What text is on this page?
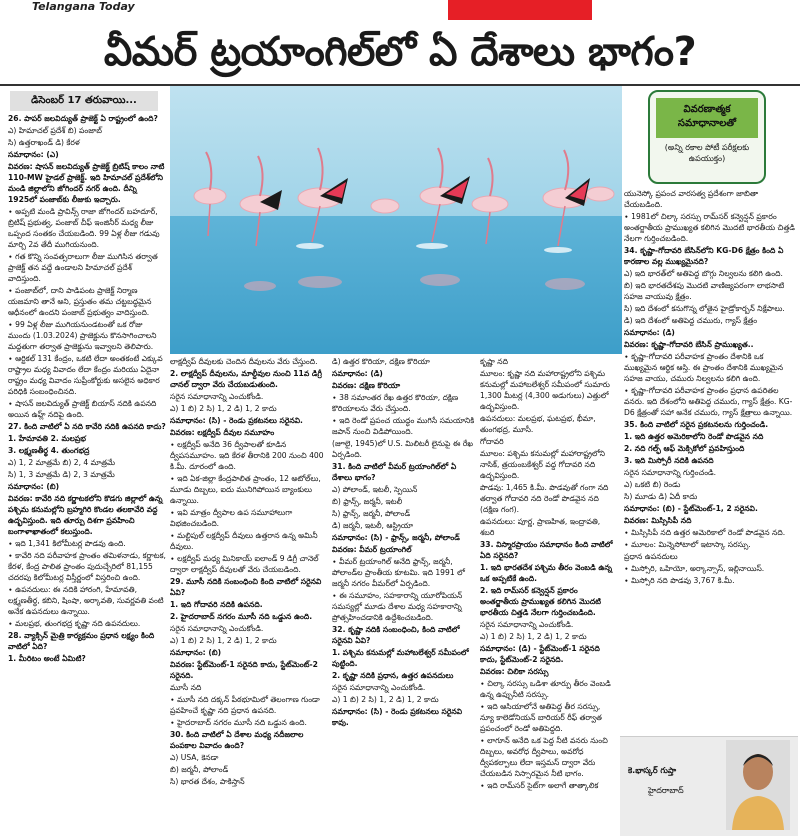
Telangana Today
వీమర్ ట్రయాంగిల్‌లో ఏ దేశాలు భాగం?
డిసెంబర్ 17 తరువాయి...
వివరణాత్మక సమాధానాలతో
(అన్ని రకాల పోటీ పరీక్షలకు ఉపయుక్తం)

26. పాపర్ జలవిద్యుత్ ప్రాజెక్ట్ ఏ రాష్ట్రంలో ఉంది?

ఎ) హిమాచల్ ప్రదేశ్ బి) పంజాబ్

సి) ఉత్తరాఖండ్ డి) కేరళ

సమాధానం: (ఎ)

వివరణ: షాసన్ జలవిద్యుత్ ప్రాజెక్ట్ బ్రిటిష్ కాలం నాటి 110-MW హైడల్ ప్రాజెక్ట్. ఇది హిమాచల్ ప్రదేశ్‌లోని మండి జిల్లాలోని జోగిందర్ నగర్ ఉంది. దీన్ని 1925లో పంజాబ్‌కు లీజుకు ఇచ్చారు.

∙ అప్పటి మండి ప్రావిన్స్ రాజా జోగిందర్ బహదూర్, బ్రిటిష్ ప్రభుత్వ, పంజాబ్ చీఫ్ ఇంజినీర్ మధ్య లీజు ఒప్పంద సంతకం చేయబడింది. 99 ఏళ్ల లీజు గడువు మార్చి 2వ తేదీ ముగియనుంది.

∙ గత కొన్ని సంవత్సరాలుగా లీజు ముగిసిన తర్వాత ప్రాజెక్ట్ తన వద్దే ఉండాలని హిమాచల్ ప్రదేశ్ వాదిస్తుంది.

∙ పంజాబ్‌లో, దాని పాడిపంట ప్రాజెక్ట్ నిర్మాణ యజమాని తానే అని, ప్రస్తుతం తమ చట్టబద్ధమైన ఆధీనంలో ఉందని పంజాబ్ ప్రభుత్వం వాదిస్తుంది.

∙ 99 ఏళ్ల లీజు ముగియనుండటంతో ఒక రోజు ముందు (1.03.2024) ప్రాజెక్టును కొనసాగించాలని మద్దతుగా తర్వాత ప్రాజెక్టును ఇవ్వాలని తెలిపారు.

∙ ఆర్టికల్ 131 కేంద్రం, ఒకటి లేదా అంతకంటే ఎక్కువ రాష్ట్రాల మధ్య వివాదం లేదా కేంద్రం మరియు ఏదైనా రాష్ట్రం మధ్య వివాదం సుప్రీంకోర్టుకు అసలైన అధికార పరిధికి సంబంధించినది.

∙ షాసన్ జలవిద్యుత్ ప్రాజెక్ట్ బియాస్ నదికి ఉపనది అయిన ఉహ్ల్ నదిపై ఉంది.

27. కింది వాటిలో ఏ నది కావేరి నదికి ఉపనది కాదు?

1. హేమావతి 2. మలప్రభ

3. లక్ష్మణతీర్థ 4. తుంగభద్ర

ఎ) 1, 2 మాత్రమే బి) 2, 4 మాత్రమే

సి) 1, 3 మాత్రమే డి) 2, 3 మాత్రమే

సమాధానం: (బి)

వివరణ: కావేరి నది కర్ణాటకలోని కొడగు జిల్లాలో ఉన్న పశ్చిమ కనుమల్లోని బ్రహ్మగిరి కొండల తలకావేరి వద్ద ఉద్భవిస్తుంది. ఇది తూర్పు దిశగా ప్రవహించి బంగాళాఖాతంలో కలుస్తుంది.

∙ ఇది 1,341 కిలోమీటర్ల పొడవు ఉంది.

∙ కావేరి నది పరీవాహక ప్రాంతం తమిళనాడు, కర్ణాటక, కేరళ, కేంద్ర పాలిత ప్రాంతం పుదుచ్చేరిలో 81,155 చదరపు కిలోమీటర్ల విస్తీర్ణంలో విస్తరించి ఉంది.

∙ ఉపనదులు: ఈ నదికి హారంగి, హేమావతి, లక్ష్మణతీర్థ, కబిని, షింషా, అర్కావతి, సువర్ణవతి వంటి అనేక ఉపనదులు ఉన్నాయి.

∙ మలప్రభ, తుంగభద్ర కృష్ణా నది ఉపనదులు.

28. వ్యాక్సిన్ మైత్రి కార్యక్రమం ప్రధాన లక్ష్యం కింది వాటిలో ఏది?

1. మీరిటం అంటే ఏమిటి?

లాక్షద్వీప్ దీవులకు చెందిన దీవులను వేరు చేస్తుంది.

2. లాక్షద్వీప్ దీవులను, మాల్దీవుల నుంచి 11వ డిగ్రీ చానల్ ద్వారా వేరు చేయబడుతుంది.

సరైన సమాధానాన్ని ఎంచుకోండి.

ఎ) 1 బి) 2 సి) 1, 2 డి) 1, 2 కాదు

సమాధానం: (సి) - రెండు ప్రకటనలు సరైనవి.

వివరణ: లక్షద్వీప్ దీవుల సమూహం

∙ లక్షద్వీప్ అనేది 36 ద్వీపాలతో కూడిన ద్వీపసమూహం. ఇది కేరళ తీరానికి 200 నుంచి 400 కి.మీ. దూరంలో ఉంది.

∙ ఇది ఏక-జిల్లా కేంద్రపాలిత ప్రాంతం, 12 అటోల్‌లు, మూడు దిబ్బలు, ఐదు మునిగిపోయిన బ్యాంకులు ఉన్నాయి.

∙ ఇవి మాత్రం ద్వీపాల ఉప సమూహాలుగా విభజించబడింది.

∙ మల్టిపుల్ లక్షద్వీప్ దీవులు ఉత్తరాన ఉన్న అమినీ దీవులు.

∙ లక్షద్వీప్ మధ్య మినికాయ్ ఐలాండ్ 9 డిగ్రీ చానెల్ ద్వారా లాక్షద్వీప్ దీవులతో వేరు చేయబడింది.

29. మూసీ నదికి సంబంధించి కింది వాటిలో సరైనవి ఏవి?

1. ఇది గోదావరి నదికి ఉపనది.

2. హైదరాబాద్ నగరం మూసీ నది ఒడ్డున ఉంది.

సరైన సమాధానాన్ని ఎంచుకోండి.

ఎ) 1 బి) 2 సి) 1, 2 డి) 1, 2 కాదు

సమాధానం: (బి)

వివరణ: స్టేట్‌మెంట్-1 సరైనది కాదు, స్టేట్‌మెంట్-2 సరైనది.

మూసీ నది

∙ మూసీ నది దక్కన్ పీఠభూమిలో తెలంగాణ గుండా ప్రవహించే కృష్ణా నది ప్రధాన ఉపనది.

∙ హైదరాబాద్ నగరం మూసీ నది ఒడ్డున ఉంది.

30. కింది వాటిలో ఏ దేశాల మధ్య నదీజలాల పంపకాల వివాదం ఉంది?

ఎ) USA, కెనడా

బి) జర్మనీ, పోలాండ్

సి) భారత దేశం, పాకిస్తాన్

డి) ఉత్తర కొరియా, దక్షిణ కొరియా

సమాధానం: (డి)

వివరణ: దక్షిణ కొరియా

∙ 38 సమాంతర రేఖ ఉత్తర కొరియా, దక్షిణ కొరియాలను వేరు చేస్తుంది.

∙ ఇది రెండో ప్రపంచ యుద్ధం ముగిసే సమయానికి జపాన్ నుంచి విడిపోయింది.

(జూలై, 1945)లో U.S. మిలిటరీ లైనుపై ఈ రేఖ ఏర్పడింది.

31. కింది వాటిలో వీమర్ ట్రయాంగిల్‌లో ఏ దేశాలు భాగం?

ఎ) పోలాండ్, ఇటలీ, స్పెయిన్

బి) ఫ్రాన్స్, జర్మనీ, ఇటలీ

సి) ఫ్రాన్స్, జర్మనీ, పోలాండ్

డి) జర్మనీ, ఇటలీ, ఆస్ట్రియా

సమాధానం: (సి) - ఫ్రాన్స్, జర్మనీ, పోలాండ్

వివరణ: వీమర్ ట్రయాంగిల్

∙ వీమర్ ట్రయాంగిల్ అనేది ఫ్రాన్స్, జర్మనీ, పోలాండ్‌ల ప్రాంతీయ కూటమి. ఇది 1991 లో జర్మనీ నగరం వీమర్‌లో ఏర్పడింది.

∙ ఈ సమూహం, సహకారాన్ని యూరోపియన్ సమస్యల్లో మూడు దేశాల మధ్య సహకారాన్ని ప్రోత్సహించడానికి ఉద్దేశించబడింది.

32. కృష్ణా నదికి సంబంధించి, కింది వాటిలో సరైనవి ఏవి?

1. పశ్చిమ కనుమల్లో మహాబలేశ్వర్ సమీపంలో పుట్టింది.

2. కృష్ణా నదికి ప్రధాన, ఉత్తర ఉపనదులు

సరైన సమాధానాన్ని ఎంచుకోండి.

ఎ) 1 బి) 2 సి) 1, 2 డి) 1, 2 కాదు

సమాధానం: (సి) - రెండు ప్రకటనలు సరైనవి కావు.

కృష్ణా నది

మూలం: కృష్ణా నది మహారాష్ట్రలోని పశ్చిమ కనుమల్లో మహాబలేశ్వర్ సమీపంలో సుమారు 1,300 మీటర్ల (4,300 అడుగులు) ఎత్తులో ఉద్భవిస్తుంది.

ఉపనదులు: మలప్రభ, ఘటప్రభ, భీమా, తుంగభద్ర, మూసీ.

గోదావరి

మూలం: పశ్చిమ కనుమల్లో మహారాష్ట్రలోని నాసిక్, త్రయంబకేశ్వర్ వద్ద గోదావరి నది ఉద్భవిస్తుంది.

పొడవు: 1,465 కి.మీ. పొడవుతో గంగా నది తర్వాత గోదావరి నది రెండో పొడవైన నది (దక్షిణ గంగ).

ఉపనదులు: పూర్ణ, ప్రాణహిత, ఇంద్రావతి, శబరి

33. విస్మారప్రాయం సమాధానం కింది వాటిలో ఏది సరైనది?

1. ఇది భారతదేశ పశ్చిమ తీరం వెంబడి ఉన్న ఒక అప్పటికే ఉంది.

2. ఇది రామ్‌సర్ కన్వెన్షన్ ప్రకారం అంతర్జాతీయ ప్రాముఖ్యత కలిగిన మొదటి భారతీయ చిత్తడి నేలగా గుర్తించబడింది.

సరైన సమాధానాన్ని ఎంచుకోండి.

ఎ) 1 బి) 2 సి) 1, 2 డి) 1, 2 కాదు

సమాధానం: (డి) - స్టేట్‌మెంట్-1 సరైనది కాదు, స్టేట్‌మెంట్-2 సరైనది.

వివరణ: చిలికా సరస్సు

∙ చిల్కా సరస్సు ఒడిశా తూర్పు తీరం వెంబడి ఉన్న ఉప్పునీటి సరస్సు.

∙ ఇది ఆసియాలోనే అతిపెద్ద తీర సరస్సు, న్యూ కాలెడోనియన్ బారియర్ రీఫ్ తర్వాత ప్రపంచంలో రెండో అతిపెద్దది.

∙ లాగూన్ అనేది ఒక పెద్ద నీటి వనరు నుంచి దిబ్బలు, అవరోధ ద్వీపాలు, అవరోధ ద్వీపకల్పాలు లేదా ఇస్తమస్ ద్వారా వేరు చేయబడిన నిస్సారమైన నీటి భాగం.

∙ ఇది రామ్‌సర్ సైట్‌గా అలాగే తాత్కాలిక

యునెస్కో ప్రపంచ వారసత్వ ప్రదేశంగా జాబితా చేయబడింది.

∙ 1981లో చిల్కా సరస్సు రామ్‌సర్ కన్వెన్షన్ ప్రకారం అంతర్జాతీయ ప్రాముఖ్యత కలిగిన మొదటి భారతీయ చిత్తడి నేలగా గుర్తించబడింది.

34. కృష్ణా-గోదావరి బేసిన్‌లోని KG-D6 క్షేత్రం కింది ఏ కారణాల వల్ల ముఖ్యమైనది?

ఎ) ఇది భారత్‌లో అతిపెద్ద బొగ్గు నిల్వలను కలిగి ఉంది.

బి) ఇది భారతదేశపు మొదటి వాణిజ్యపరంగా లాభసాటి సహజ వాయువు క్షేత్రం.

సి) ఇది దేశంలో కనుగొన్న లోతైన హైడ్రోకార్బన్ నిక్షేపాలు.

డి) ఇది దేశంలో అతిపెద్ద చమురు, గ్యాస్ క్షేత్రం

సమాధానం: (డి)

వివరణ: కృష్ణా-గోదావరి బేసిన్ ప్రాముఖ్యత..

∙ కృష్ణా-గోదావరి పరీవాహక ప్రాంతం దేశానికి ఒక ముఖ్యమైన ఆర్థిక ఆస్తి. ఈ ప్రాంతం దేశానికి ముఖ్యమైన సహజ వాయు, చమురు నిల్వలను కలిగి ఉంది.

∙ కృష్ణా-గోదావరి పరీవాహక ప్రాంతం ప్రధాన ఉపరితల వనరు. ఇది దేశంలోని అతిపెద్ద చమురు, గ్యాస్ క్షేత్రం. KG-D6 క్షేత్రంతో సహా అనేక చమురు, గ్యాస్ క్షేత్రాలు ఉన్నాయి.

35. కింది వాటిలో సరైన ప్రకటనలను గుర్తించండి.

1. ఇది ఉత్తర అమెరికాలోని రెండో పొడవైన నది

2. నది గల్ఫ్ ఆఫ్ మెక్సికోలో ప్రవహిస్తుంది

3. ఇది మిస్సోరీ నదికి ఉపనది

సరైన సమాధానాన్ని గుర్తించండి.

ఎ) ఒకటి బి) రెండు

సి) మూడు డి) ఏదీ కాదు

సమాధానం: (బి) - స్టేట్‌మెంట్-1, 2 సరైనవి.

వివరణ: మిస్సిసిపీ నది

∙ మిస్సిసిపీ నది ఉత్తర అమెరికాలో రెండో పొడవైన నది.

∙ మూలం: మిన్నెసోటాలో ఇటాస్కా సరస్సు.

ప్రధాన ఉపనదులు

∙ మిస్సోరి, ఒహియో, అర్కాన్సాస్, ఇల్లినాయిస్.

∙ మిస్సోరి నది పొడవు 3,767 కి.మీ.

కె.భాస్కర్ గుప్తా
హైదరాబాద్
